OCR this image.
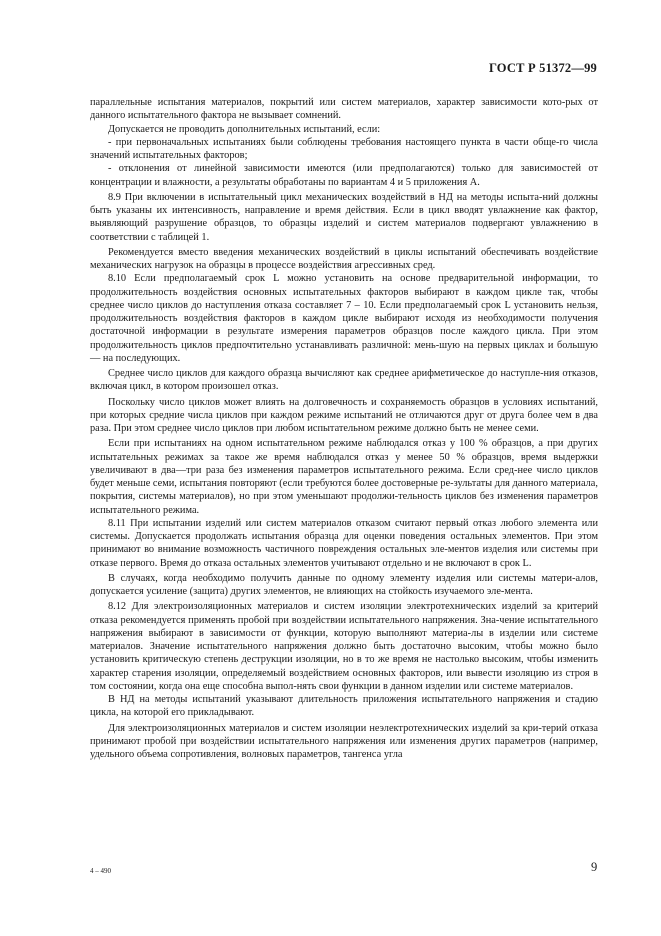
ГОСТ Р 51372—99

параллельные испытания материалов, покрытий или систем материалов, характер зависимости кото-рых от данного испытательного фактора не вызывает сомнений.

Допускается не проводить дополнительных испытаний, если:

- при первоначальных испытаниях были соблюдены требования настоящего пункта в части обще-го числа значений испытательных факторов;

- отклонения от линейной зависимости имеются (или предполагаются) только для зависимостей от концентрации и влажности, а результаты обработаны по вариантам 4 и 5 приложения А.

8.9 При включении в испытательный цикл механических воздействий в НД на методы испыта-ний должны быть указаны их интенсивность, направление и время действия. Если в цикл вводят увлажнение как фактор, выявляющий разрушение образцов, то образцы изделий и систем материалов подвергают увлажнению в соответствии с таблицей 1.

Рекомендуется вместо введения механических воздействий в циклы испытаний обеспечивать воздействие механических нагрузок на образцы в процессе воздействия агрессивных сред.

8.10 Если предполагаемый срок L можно установить на основе предварительной информации, то продолжительность воздействия основных испытательных факторов выбирают в каждом цикле так, чтобы среднее число циклов до наступления отказа составляет 7 – 10. Если предполагаемый срок L установить нельзя, продолжительность воздействия факторов в каждом цикле выбирают исходя из необходимости получения достаточной информации в результате измерения параметров образцов после каждого цикла. При этом продолжительность циклов предпочтительно устанавливать различной: мень-шую на первых циклах и большую — на последующих.

Среднее число циклов для каждого образца вычисляют как среднее арифметическое до наступле-ния отказов, включая цикл, в котором произошел отказ.

Поскольку число циклов может влиять на долговечность и сохраняемость образцов в условиях испытаний, при которых средние числа циклов при каждом режиме испытаний не отличаются друг от друга более чем в два раза. При этом среднее число циклов при любом испытательном режиме должно быть не менее семи.

Если при испытаниях на одном испытательном режиме наблюдался отказ у 100 % образцов, а при других испытательных режимах за такое же время наблюдался отказ у менее 50 % образцов, время выдержки увеличивают в два—три раза без изменения параметров испытательного режима. Если сред-нее число циклов будет меньше семи, испытания повторяют (если требуются более достоверные ре-зультаты для данного материала, покрытия, системы материалов), но при этом уменьшают продолжи-тельность циклов без изменения параметров испытательного режима.

8.11 При испытании изделий или систем материалов отказом считают первый отказ любого элемента или системы. Допускается продолжать испытания образца для оценки поведения остальных элементов. При этом принимают во внимание возможность частичного повреждения остальных эле-ментов изделия или системы при отказе первого. Время до отказа остальных элементов учитывают отдельно и не включают в срок L.

В случаях, когда необходимо получить данные по одному элементу изделия или системы матери-алов, допускается усиление (защита) других элементов, не влияющих на стойкость изучаемого эле-мента.

8.12 Для электроизоляционных материалов и систем изоляции электротехнических изделий за критерий отказа рекомендуется применять пробой при воздействии испытательного напряжения. Зна-чение испытательного напряжения выбирают в зависимости от функции, которую выполняют материа-лы в изделии или системе материалов. Значение испытательного напряжения должно быть достаточно высоким, чтобы можно было установить критическую степень деструкции изоляции, но в то же время не настолько высоким, чтобы изменить характер старения изоляции, определяемый воздействием основных факторов, или вывести изоляцию из строя в том состоянии, когда она еще способна выпол-нять свои функции в данном изделии или системе материалов.

В НД на методы испытаний указывают длительность приложения испытательного напряжения и стадию цикла, на которой его прикладывают.

Для электроизоляционных материалов и систем изоляции неэлектротехнических изделий за кри-терий отказа принимают пробой при воздействии испытательного напряжения или изменения других параметров (например, удельного объема сопротивления, волновых параметров, тангенса угла

4 – 490	9
